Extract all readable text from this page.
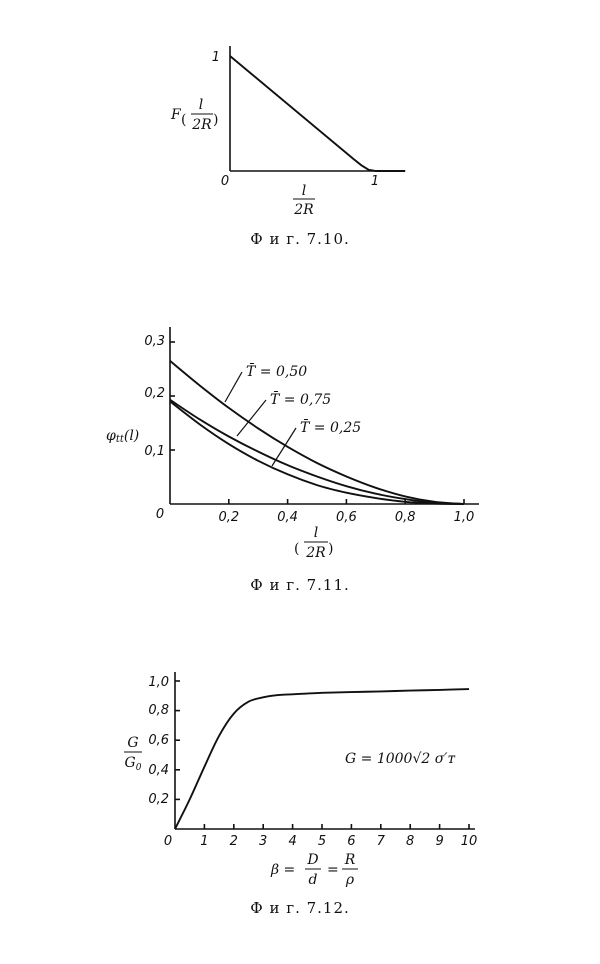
1
0	1
F (
l
2R )
l
2R
Ф и г. 7.10.
0	0,2	0,4	0,6	0,8	1,0
0,1
0,2
0,3
φtt(l)
(
l
2R )
T̄ = 0,50
T̄ = 0,75
T̄ = 0,25
Ф и г. 7.11.
0 1 2 3 4 5 6 7 8 9 10
0,2
0,4
0,6
0,8
1,0
G
$G_0$
G = 1000√2 σ′ᴛ
β =
D
d
=
R
ρ
Ф и г. 7.12.
